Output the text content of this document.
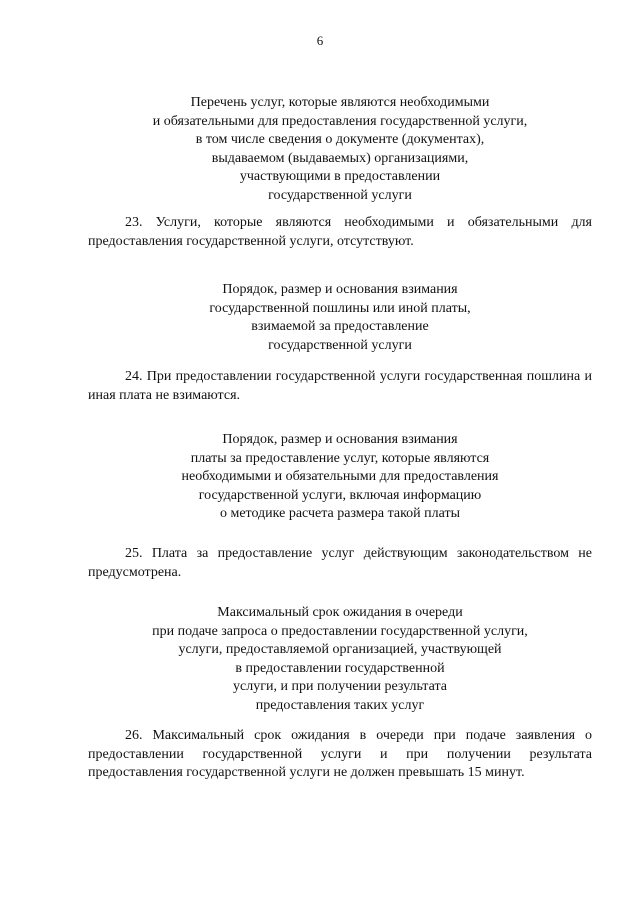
6
Перечень услуг, которые являются необходимыми
и обязательными для предоставления государственной услуги,
в том числе сведения о документе (документах),
выдаваемом (выдаваемых) организациями,
участвующими в предоставлении
государственной услуги
23. Услуги, которые являются необходимыми и обязательными для предоставления государственной услуги, отсутствуют.
Порядок, размер и основания взимания
государственной пошлины или иной платы,
взимаемой за предоставление
государственной услуги
24. При предоставлении государственной услуги государственная пошлина и иная плата не взимаются.
Порядок, размер и основания взимания
платы за предоставление услуг, которые являются
необходимыми и обязательными для предоставления
государственной услуги, включая информацию
о методике расчета размера такой платы
25. Плата за предоставление услуг действующим законодательством не предусмотрена.
Максимальный срок ожидания в очереди
при подаче запроса о предоставлении государственной услуги,
услуги, предоставляемой организацией, участвующей
в предоставлении государственной
услуги, и при получении результата
предоставления таких услуг
26. Максимальный срок ожидания в очереди при подаче заявления о предоставлении государственной услуги и при получении результата предоставления государственной услуги не должен превышать 15 минут.
